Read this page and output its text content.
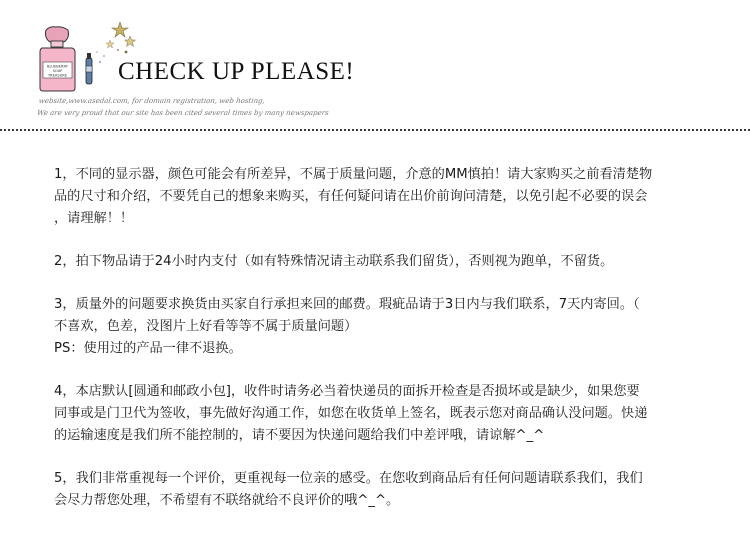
BLUEBERRY
SOAP
TREASURE CHECK UP PLEASE!
website,www.asedal.com, for domain registration, web hosting,
We are very proud that our site has been cited several times by many newspapers
1，不同的显示器，颜色可能会有所差异，不属于质量问题，介意的MM慎拍！请大家购买之前看清楚物
品的尺寸和介绍，不要凭自己的想象来购买，有任何疑问请在出价前询问清楚，以免引起不必要的误会
，请理解！！
2，拍下物品请于24小时内支付（如有特殊情况请主动联系我们留货），否则视为跑单，不留货。
3，质量外的问题要求换货由买家自行承担来回的邮费。瑕疵品请于3日内与我们联系，7天内寄回。（
不喜欢，色差，没图片上好看等等不属于质量问题）
PS：使用过的产品一律不退换。
4，本店默认[圆通和邮政小包]，收件时请务必当着快递员的面拆开检查是否损坏或是缺少，如果您要
同事或是门卫代为签收，事先做好沟通工作，如您在收货单上签名，既表示您对商品确认没问题。快递
的运输速度是我们所不能控制的，请不要因为快递问题给我们中差评哦，请谅解^_^
5，我们非常重视每一个评价，更重视每一位亲的感受。在您收到商品后有任何问题请联系我们，我们
会尽力帮您处理，不希望有不联络就给不良评价的哦^_^。
